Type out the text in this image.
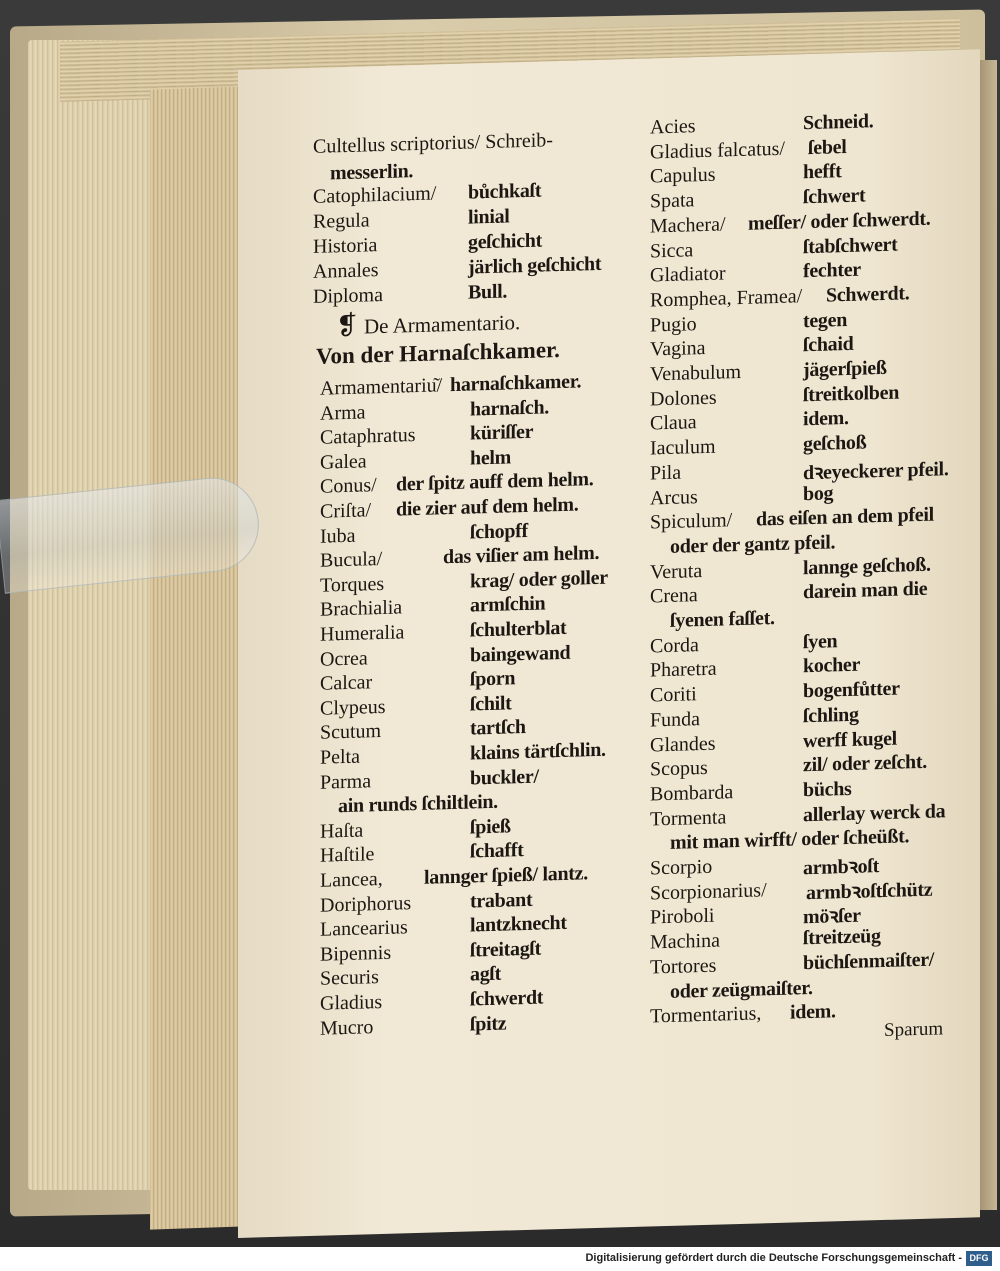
Cultellus scriptorius/ Schreib-
messerlin.
Catophilacium/ bůchkaſt
Regula	linial
Historia	geſchicht
Annales	järlich geſchicht
Diploma	Bull.
❡ De Armamentario.
Von der Harnaſchkamer.
Armamentariu͂/ harnaſchkamer.
Arma	harnaſch.
Cataphratus	küriſſer
Galea	helm
Conus/ der ſpitz auff dem helm.
Criſta/ die zier auf dem helm.
Iuba	ſchopff
Bucula/	das viſier am helm.
Torques	krag/ oder goller
Brachialia	armſchin
Humeralia	ſchulterblat
Ocrea	baingewand
Calcar	ſporn
Clypeus	ſchilt
Scutum	tartſch
Pelta	klains tärtſchlin.
Parma	buckler/
ain runds ſchiltlein.
Haſta	ſpieß
Haſtile	ſchafft
Lancea, lannger ſpieß/ lantz.
Doriphorus	trabant
Lancearius	lantzknecht
Bipennis	ſtreitagſt
Securis	agſt
Gladius	ſchwerdt
Mucro	ſpitz
Acies	Schneid.
Gladius falcatus/ ſebel
Capulus	hefft
Spata	ſchwert
Machera/ meſſer/ oder ſchwerdt.
Sicca	ſtabſchwert
Gladiator	fechter
Romphea, Framea/ Schwerdt.
Pugio	tegen
Vagina	ſchaid
Venabulum	jägerſpieß
Dolones	ſtreitkolben
Claua	idem.
Iaculum	geſchoß
Pila	dꝛeyeckerer pfeil.
Arcus	bog
Spiculum/ das eiſen an dem pfeil
oder der gantz pfeil.
Veruta	lannge geſchoß.
Crena	darein man die
ſyenen faſſet.
Corda	ſyen
Pharetra	kocher
Coriti	bogenfůtter
Funda	ſchling
Glandes	werff kugel
Scopus	zil/ oder zeſcht.
Bombarda	büchs
Tormenta	allerlay werck da
mit man wirfft/ oder ſcheüßt.
Scorpio	armbꝛoſt
Scorpionarius/ armbꝛoſtſchütz
Piroboli	möꝛſer
Machina	ſtreitzeüg
Tortores	büchſenmaiſter/
oder zeügmaiſter.
Tormentarius, idem.
Sparum
Digitalisierung gefördert durch die Deutsche Forschungsgemeinschaft - DFG
